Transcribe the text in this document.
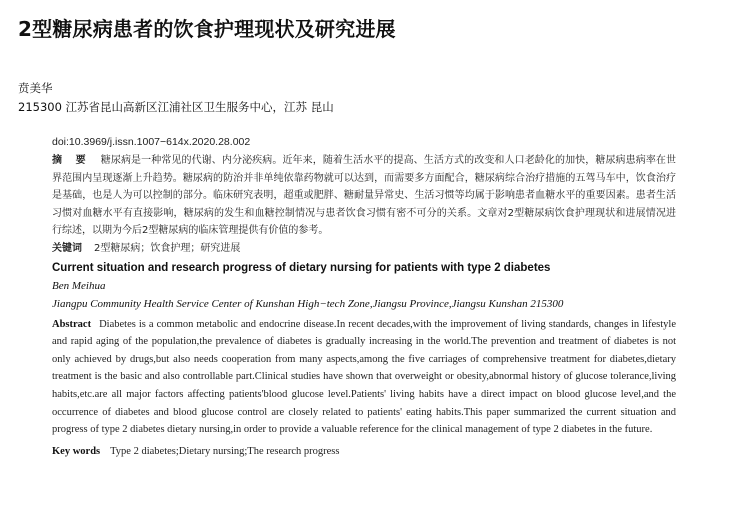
2型糖尿病患者的饮食护理现状及研究进展
贲美华
215300 江苏省昆山高新区江浦社区卫生服务中心，江苏 昆山
doi:10.3969/j.issn.1007−614x.2020.28.002
摘 要 糖尿病是一种常见的代谢、内分泌疾病。近年来，随着生活水平的提高、生活方式的改变和人口老龄化的加快，糖尿病患病率在世界范围内呈现逐渐上升趋势。糖尿病的防治并非单纯依靠药物就可以达到，而需要多方面配合，糖尿病综合治疗措施的五驾马车中，饮食治疗是基础，也是人为可以控制的部分。临床研究表明，超重或肥胖、糖耐量异常史、生活习惯等均属于影响患者血糖水平的重要因素。患者生活习惯对血糖水平有直接影响，糖尿病的发生和血糖控制情况与患者饮食习惯有密不可分的关系。文章对2型糖尿病饮食护理现状和进展情况进行综述，以期为今后2型糖尿病的临床管理提供有价值的参考。
关键词 2型糖尿病；饮食护理；研究进展
Current situation and research progress of dietary nursing for patients with type 2 diabetes
Ben Meihua
Jiangpu Community Health Service Center of Kunshan High−tech Zone,Jiangsu Province,Jiangsu Kunshan 215300
Abstract Diabetes is a common metabolic and endocrine disease.In recent decades,with the improvement of living standards, changes in lifestyle and rapid aging of the population,the prevalence of diabetes is gradually increasing in the world.The prevention and treatment of diabetes is not only achieved by drugs,but also needs cooperation from many aspects,among the five carriages of comprehensive treatment for diabetes,dietary treatment is the basic and also controllable part.Clinical studies have shown that overweight or obesity,abnormal history of glucose tolerance,living habits,etc.are all major factors affecting patients'blood glucose level.Patients' living habits have a direct impact on blood glucose level,and the occurrence of diabetes and blood glucose control are closely related to patients' eating habits.This paper summarized the current situation and progress of type 2 diabetes dietary nursing,in order to provide a valuable reference for the clinical management of type 2 diabetes in the future.
Key words Type 2 diabetes;Dietary nursing;The research progress
